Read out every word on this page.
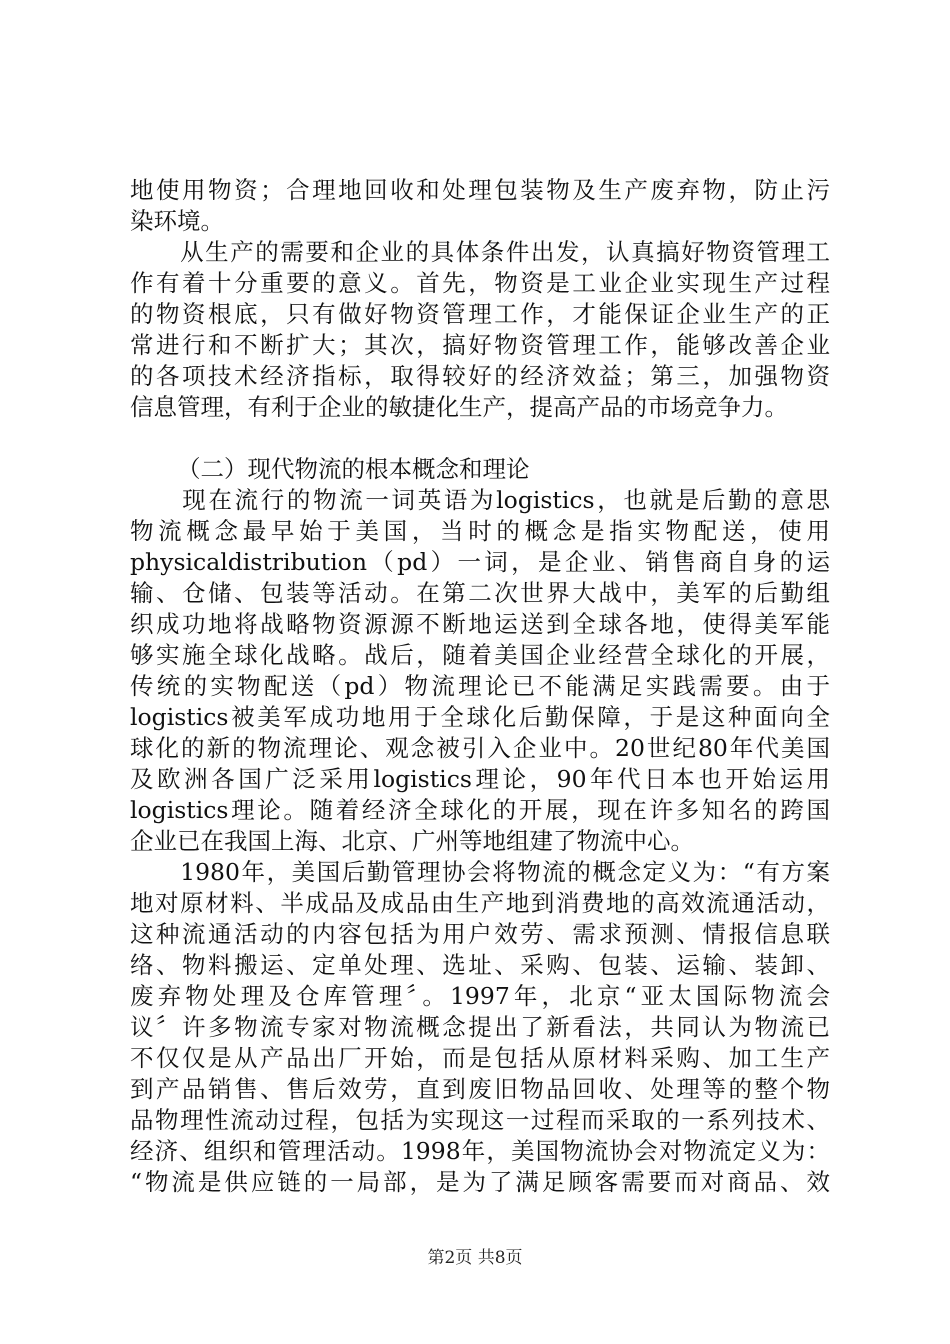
地使用物资；合理地回收和处理包装物及生产废弃物，防止污
染环境。
　　从生产的需要和企业的具体条件出发，认真搞好物资管理工
作有着十分重要的意义。首先，物资是工业企业实现生产过程
的物资根底，只有做好物资管理工作，才能保证企业生产的正
常进行和不断扩大；其次，搞好物资管理工作，能够改善企业
的各项技术经济指标，取得较好的经济效益；第三，加强物资
信息管理，有利于企业的敏捷化生产，提高产品的市场竞争力。
（二）现代物流的根本概念和理论
　　现在流行的物流一词英语为logistics，也就是后勤的意思
物流概念最早始于美国，当时的概念是指实物配送，使用
physicaldistribution（pd）一词，是企业、销售商自身的运
输、仓储、包装等活动。在第二次世界大战中，美军的后勤组
织成功地将战略物资源源不断地运送到全球各地，使得美军能
够实施全球化战略。战后，随着美国企业经营全球化的开展，
传统的实物配送（pd）物流理论已不能满足实践需要。由于
logistics被美军成功地用于全球化后勤保障，于是这种面向全
球化的新的物流理论、观念被引入企业中。20世纪80年代美国
及欧洲各国广泛采用logistics理论，90年代日本也开始运用
logistics理论。随着经济全球化的开展，现在许多知名的跨国
企业已在我国上海、北京、广州等地组建了物流中心。
　　1980年，美国后勤管理协会将物流的概念定义为：“有方案
地对原材料、半成品及成品由生产地到消费地的高效流通活动，
这种流通活动的内容包括为用户效劳、需求预测、情报信息联
络、物料搬运、定单处理、选址、采购、包装、运输、装卸、
废弃物处理及仓库管理〞。1997年，北京“亚太国际物流会
议〞许多物流专家对物流概念提出了新看法，共同认为物流已
不仅仅是从产品出厂开始，而是包括从原材料采购、加工生产
到产品销售、售后效劳，直到废旧物品回收、处理等的整个物
品物理性流动过程，包括为实现这一过程而采取的一系列技术、
经济、组织和管理活动。1998年，美国物流协会对物流定义为：
“物流是供应链的一局部，是为了满足顾客需要而对商品、效
第2页 共8页
